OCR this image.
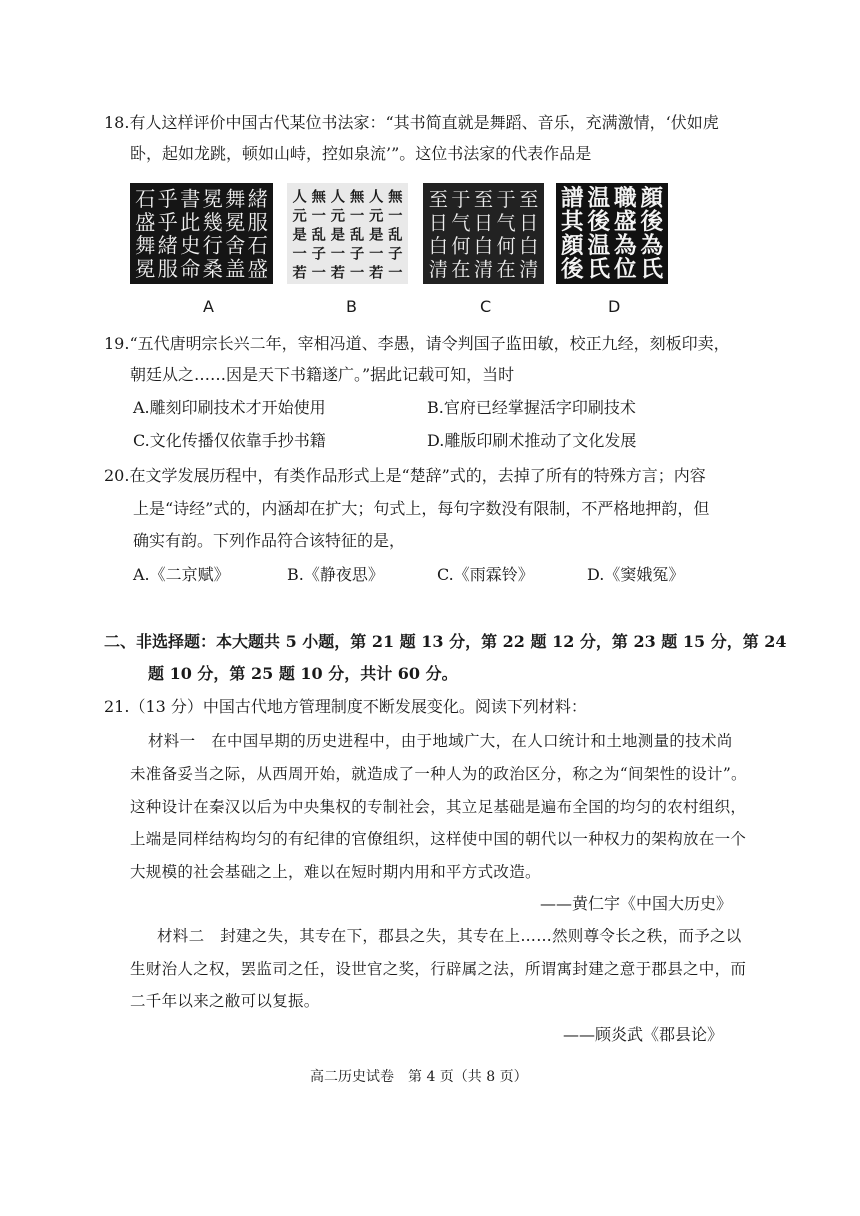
18.有人这样评价中国古代某位书法家：“其书简直就是舞蹈、音乐，充满激情，‘伏如虎
卧，起如龙跳，顿如山峙，控如泉流’”。这位书法家的代表作品是
緒
服
石
盛
舞
冕
舍
盖
冕
幾
行
桑
書
此
史
命
乎
乎
緒
服
石
盛
舞
冕
無
一
乱
子
一
人
元
是
一
若
無
一
乱
子
一
人
元
是
一
若
無
一
乱
子
一
人
元
是
一
若
至
日
白
清
于
气
何
在
至
日
白
清
于
气
何
在
至
日
白
清
顔
後
為
氏
職
盛
為
位
温
後
温
氏
譜
其
顔
後
A	B	C	D
19.“五代唐明宗长兴二年，宰相冯道、李愚，请令判国子监田敏，校正九经，刻板印卖，
朝廷从之……因是天下书籍遂广。”据此记载可知，当时
A.雕刻印刷技术才开始使用	B.官府已经掌握活字印刷技术
C.文化传播仅依靠手抄书籍	D.雕版印刷术推动了文化发展
20.在文学发展历程中，有类作品形式上是“楚辞”式的，去掉了所有的特殊方言；内容
上是“诗经”式的，内涵却在扩大；句式上，每句字数没有限制，不严格地押韵，但
确实有韵。下列作品符合该特征的是，
A.《二京赋》	B.《静夜思》	C.《雨霖铃》	D.《窦娥冤》
二、非选择题：本大题共 5 小题，第 21 题 13 分，第 22 题 12 分，第 23 题 15 分，第 24
题 10 分，第 25 题 10 分，共计 60 分。
21.（13 分）中国古代地方管理制度不断发展变化。阅读下列材料：
材料一　在中国早期的历史进程中，由于地域广大，在人口统计和土地测量的技术尚
未准备妥当之际，从西周开始，就造成了一种人为的政治区分，称之为“间架性的设计”。
这种设计在秦汉以后为中央集权的专制社会，其立足基础是遍布全国的均匀的农村组织，
上端是同样结构均匀的有纪律的官僚组织，这样使中国的朝代以一种权力的架构放在一个
大规模的社会基础之上，难以在短时期内用和平方式改造。
——黄仁宇《中国大历史》
材料二　封建之失，其专在下，郡县之失，其专在上……然则尊令长之秩，而予之以
生财治人之权，罢监司之任，设世官之奖，行辟属之法，所谓寓封建之意于郡县之中，而
二千年以来之敝可以复振。
——顾炎武《郡县论》
高二历史试卷　第 4 页（共 8 页）
